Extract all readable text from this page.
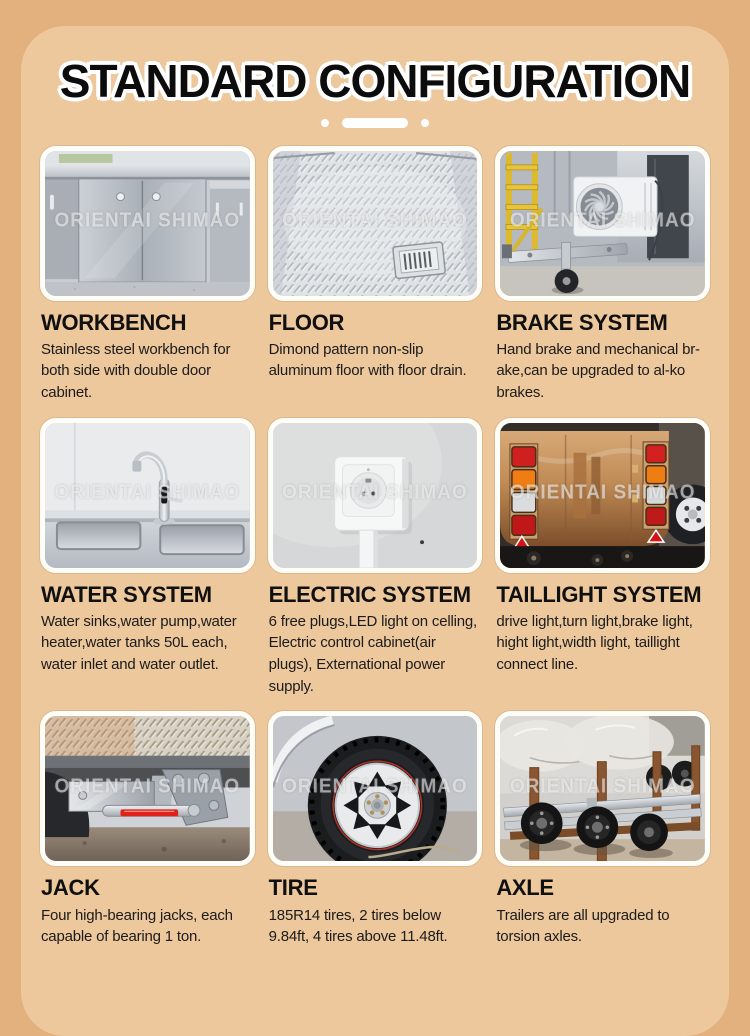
STANDARD CONFIGURATION
ORIENTAI SHIMAO
WORKBENCH

Stainless steel workbench for both side with double door cabinet.

ORIENTAI SHIMAO
FLOOR

Dimond pattern non-slip aluminum floor with floor drain.

ORIENTAI SHIMAO
BRAKE SYSTEM

Hand brake and mechanical br-ake,can be upgraded to al-ko brakes.

ORIENTAI SHIMAO
WATER SYSTEM

Water sinks,water pump,water heater,water tanks 50L each, water inlet and water outlet.

ORIENTAI SHIMAO
ELECTRIC SYSTEM

6 free plugs,LED light on celling, Electric control cabinet(air plugs), Externational power supply.

ORIENTAI SHIMAO
TAILLIGHT SYSTEM

drive light,turn light,brake light, hight light,width light, taillight connect line.

ORIENTAI SHIMAO
JACK

Four high-bearing jacks, each capable of bearing 1 ton.

ORIENTAI SHIMAO
TIRE

185R14 tires, 2 tires below 9.84ft, 4 tires above 11.48ft.

ORIENTAI SHIMAO
AXLE

Trailers are all upgraded to torsion axles.
